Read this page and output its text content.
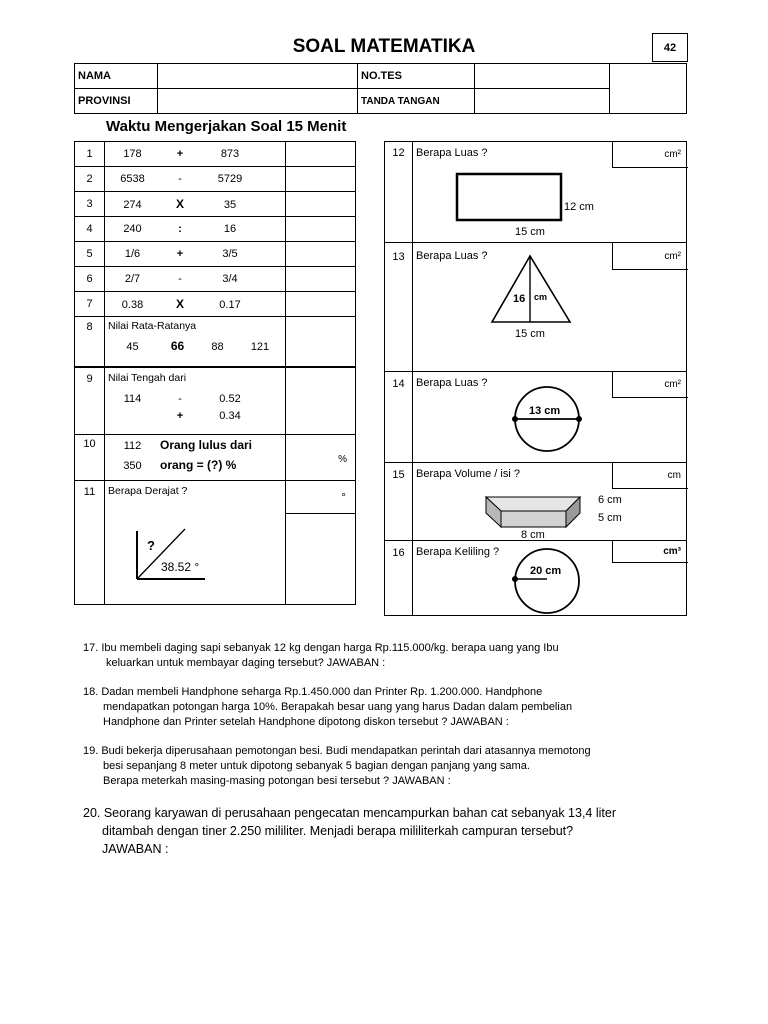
SOAL MATEMATIKA	42
NAMA		NO.TES		
PROVINSI		TANDA TANGAN		
Waktu Mengerjakan Soal 15 Menit
1	178 + 873	
2	6538 - 5729	
3	274 X 35	
4	240 : 16	
5	1/6 + 3/5	
6	2/7 - 3/4	
7	0.38 X 0.17	
8	Nilai Rata-Ratanya
45 66 88 121	

9	Nilai Tengah dari
114 - 0.52
+ 0.34	

10	112 Orang lulus dari
350 orang = (?) %	%
11	Berapa Derajat ?
?
38.52 °	°
12	Berapa Luas ?
12 cm
15 cm
cm²

13	Berapa Luas ?
16 cm
15 cm
cm²

14	Berapa Luas ?
13 cm
cm²

15	Berapa Volume / isi ?
6 cm
5 cm
8 cm
cm

16	Berapa Keliling ?
20 cm
cm³
17. Ibu membeli daging sapi sebanyak 12 kg dengan harga Rp.115.000/kg. berapa uang yang Ibu
keluarkan untuk membayar daging tersebut? JAWABAN :
18. Dadan membeli Handphone seharga Rp.1.450.000 dan Printer Rp. 1.200.000. Handphone
mendapatkan potongan harga 10%. Berapakah besar uang yang harus Dadan dalam pembelian
Handphone dan Printer setelah Handphone dipotong diskon tersebut ? JAWABAN :
19. Budi bekerja diperusahaan pemotongan besi. Budi mendapatkan perintah dari atasannya memotong
besi sepanjang 8 meter untuk dipotong sebanyak 5 bagian dengan panjang yang sama.
Berapa meterkah masing-masing potongan besi tersebut ? JAWABAN :
20. Seorang karyawan di perusahaan pengecatan mencampurkan bahan cat sebanyak 13,4 liter
ditambah dengan tiner 2.250 mililiter. Menjadi berapa mililiterkah campuran tersebut?
JAWABAN :
